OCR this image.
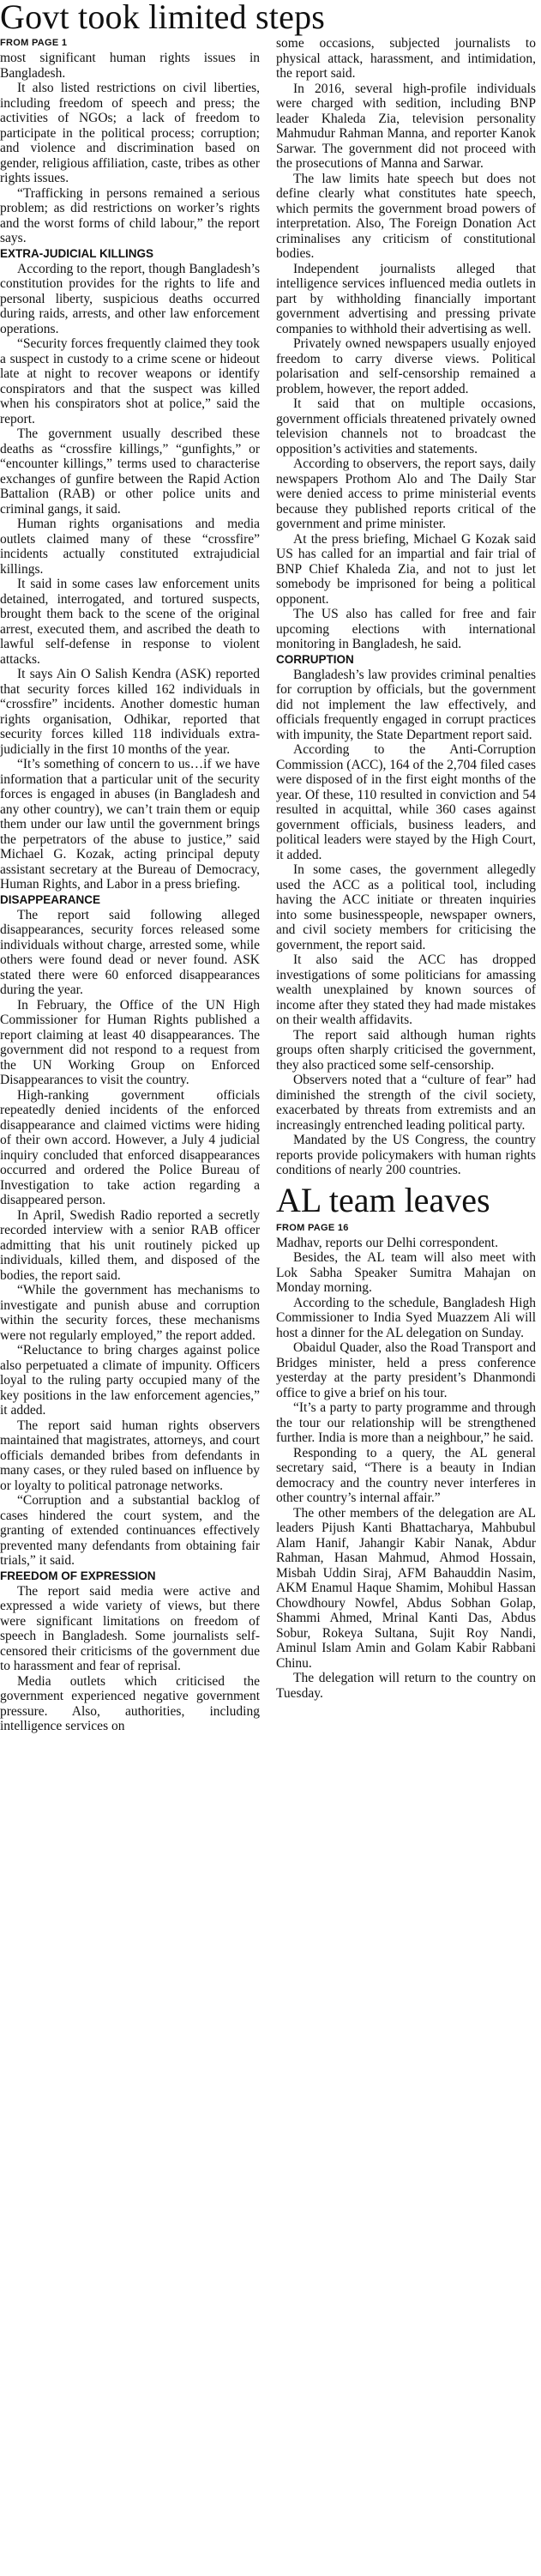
Govt took limited steps
FROM PAGE 1

most significant human rights issues in Bangladesh.

It also listed restrictions on civil liberties, including freedom of speech and press; the activities of NGOs; a lack of freedom to participate in the political process; corruption; and violence and discrimination based on gender, religious affiliation, caste, tribes as other rights issues.

“Trafficking in persons remained a serious problem; as did restrictions on worker’s rights and the worst forms of child labour,” the report says.

EXTRA-JUDICIAL KILLINGS

According to the report, though Bangladesh’s constitution provides for the rights to life and personal liberty, suspicious deaths occurred during raids, arrests, and other law enforcement operations.

“Security forces frequently claimed they took a suspect in custody to a crime scene or hideout late at night to recover weapons or identify conspirators and that the suspect was killed when his conspirators shot at police,” said the report.

The government usually described these deaths as “crossfire killings,” “gunfights,” or “encounter killings,” terms used to characterise exchanges of gunfire between the Rapid Action Battalion (RAB) or other police units and criminal gangs, it said.

Human rights organisations and media outlets claimed many of these “crossfire” incidents actually constituted extrajudicial killings.

It said in some cases law enforcement units detained, interrogated, and tortured suspects, brought them back to the scene of the original arrest, executed them, and ascribed the death to lawful self-defense in response to violent attacks.

It says Ain O Salish Kendra (ASK) reported that security forces killed 162 individuals in “crossfire” incidents. Another domestic human rights organisation, Odhikar, reported that security forces killed 118 individuals extra-judicially in the first 10 months of the year.

“It’s something of concern to us…if we have information that a particular unit of the security forces is engaged in abuses (in Bangladesh and any other country), we can’t train them or equip them under our law until the government brings the perpetrators of the abuse to justice,” said Michael G. Kozak, acting principal deputy assistant secretary at the Bureau of Democracy, Human Rights, and Labor in a press briefing.

DISAPPEARANCE

The report said following alleged disappearances, security forces released some individuals without charge, arrested some, while others were found dead or never found. ASK stated there were 60 enforced disappearances during the year.

In February, the Office of the UN High Commissioner for Human Rights published a report claiming at least 40 disappearances. The government did not respond to a request from the UN Working Group on Enforced Disappearances to visit the country.

High-ranking government officials repeatedly denied incidents of the enforced disappearance and claimed victims were hiding of their own accord. However, a July 4 judicial inquiry concluded that enforced disappearances occurred and ordered the Police Bureau of Investigation to take action regarding a disappeared person.

In April, Swedish Radio reported a secretly recorded interview with a senior RAB officer admitting that his unit routinely picked up individuals, killed them, and disposed of the bodies, the report said.

“While the government has mechanisms to investigate and punish abuse and corruption within the security forces, these mechanisms were not regularly employed,” the report added.

“Reluctance to bring charges against police also perpetuated a climate of impunity. Officers loyal to the ruling party occupied many of the key positions in the law enforcement agencies,” it added.

The report said human rights observers maintained that magistrates, attorneys, and court officials demanded bribes from defendants in many cases, or they ruled based on influence by or loyalty to political patronage networks.

“Corruption and a substantial backlog of cases hindered the court system, and the granting of extended continuances effectively prevented many defendants from obtaining fair trials,” it said.

FREEDOM OF EXPRESSION

The report said media were active and expressed a wide variety of views, but there were significant limitations on freedom of speech in Bangladesh. Some journalists self-censored their criticisms of the government due to harassment and fear of reprisal.

Media outlets which criticised the government experienced negative government pressure. Also, authorities, including intelligence services on

some occasions, subjected journalists to physical attack, harassment, and intimidation, the report said.

In 2016, several high-profile individuals were charged with sedition, including BNP leader Khaleda Zia, television personality Mahmudur Rahman Manna, and reporter Kanok Sarwar. The government did not proceed with the prosecutions of Manna and Sarwar.

The law limits hate speech but does not define clearly what constitutes hate speech, which permits the government broad powers of interpretation. Also, The Foreign Donation Act criminalises any criticism of constitutional bodies.

Independent journalists alleged that intelligence services influenced media outlets in part by withholding financially important government advertising and pressing private companies to withhold their advertising as well.

Privately owned newspapers usually enjoyed freedom to carry diverse views. Political polarisation and self-censorship remained a problem, however, the report added.

It said that on multiple occasions, government officials threatened privately owned television channels not to broadcast the opposition’s activities and statements.

According to observers, the report says, daily newspapers Prothom Alo and The Daily Star were denied access to prime ministerial events because they published reports critical of the government and prime minister.

At the press briefing, Michael G Kozak said US has called for an impartial and fair trial of BNP Chief Khaleda Zia, and not to just let somebody be imprisoned for being a political opponent.

The US also has called for free and fair upcoming elections with international monitoring in Bangladesh, he said.

CORRUPTION

Bangladesh’s law provides criminal penalties for corruption by officials, but the government did not implement the law effectively, and officials frequently engaged in corrupt practices with impunity, the State Department report said.

According to the Anti-Corruption Commission (ACC), 164 of the 2,704 filed cases were disposed of in the first eight months of the year. Of these, 110 resulted in conviction and 54 resulted in acquittal, while 360 cases against government officials, business leaders, and political leaders were stayed by the High Court, it added.

In some cases, the government allegedly used the ACC as a political tool, including having the ACC initiate or threaten inquiries into some businesspeople, newspaper owners, and civil society members for criticising the government, the report said.

It also said the ACC has dropped investigations of some politicians for amassing wealth unexplained by known sources of income after they stated they had made mistakes on their wealth affidavits.

The report said although human rights groups often sharply criticised the government, they also practiced some self-censorship.

Observers noted that a “culture of fear” had diminished the strength of the civil society, exacerbated by threats from extremists and an increasingly entrenched leading political party.

Mandated by the US Congress, the country reports provide policymakers with human rights conditions of nearly 200 countries.

AL team leaves
FROM PAGE 16

Madhav, reports our Delhi correspondent.

Besides, the AL team will also meet with Lok Sabha Speaker Sumitra Mahajan on Monday morning.

According to the schedule, Bangladesh High Commissioner to India Syed Muazzem Ali will host a dinner for the AL delegation on Sunday.

Obaidul Quader, also the Road Transport and Bridges minister, held a press conference yesterday at the party president’s Dhanmondi office to give a brief on his tour.

“It’s a party to party programme and through the tour our relationship will be strengthened further. India is more than a neighbour,” he said.

Responding to a query, the AL general secretary said, “There is a beauty in Indian democracy and the country never interferes in other country’s internal affair.”

The other members of the delegation are AL leaders Pijush Kanti Bhattacharya, Mahbubul Alam Hanif, Jahangir Kabir Nanak, Abdur Rahman, Hasan Mahmud, Ahmod Hossain, Misbah Uddin Siraj, AFM Bahauddin Nasim, AKM Enamul Haque Shamim, Mohibul Hassan Chowdhoury Nowfel, Abdus Sobhan Golap, Shammi Ahmed, Mrinal Kanti Das, Abdus Sobur, Rokeya Sultana, Sujit Roy Nandi, Aminul Islam Amin and Golam Kabir Rabbani Chinu.

The delegation will return to the country on Tuesday.
